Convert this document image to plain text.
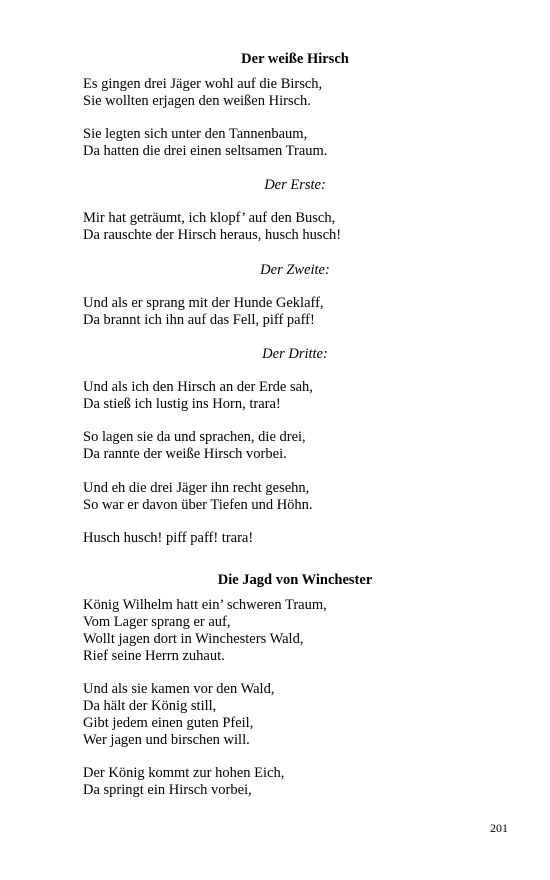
Der weiße Hirsch
Es gingen drei Jäger wohl auf die Birsch,
Sie wollten erjagen den weißen Hirsch.
Sie legten sich unter den Tannenbaum,
Da hatten die drei einen seltsamen Traum.
Der Erste:
Mir hat geträumt, ich klopf’ auf den Busch,
Da rauschte der Hirsch heraus, husch husch!
Der Zweite:
Und als er sprang mit der Hunde Geklaff,
Da brannt ich ihn auf das Fell, piff paff!
Der Dritte:
Und als ich den Hirsch an der Erde sah,
Da stieß ich lustig ins Horn, trara!
So lagen sie da und sprachen, die drei,
Da rannte der weiße Hirsch vorbei.
Und eh die drei Jäger ihn recht gesehn,
So war er davon über Tiefen und Höhn.
Husch husch! piff paff! trara!
Die Jagd von Winchester
König Wilhelm hatt ein’ schweren Traum,
Vom Lager sprang er auf,
Wollt jagen dort in Winchesters Wald,
Rief seine Herrn zuhaut.
Und als sie kamen vor den Wald,
Da hält der König still,
Gibt jedem einen guten Pfeil,
Wer jagen und birschen will.
Der König kommt zur hohen Eich,
Da springt ein Hirsch vorbei,
201
